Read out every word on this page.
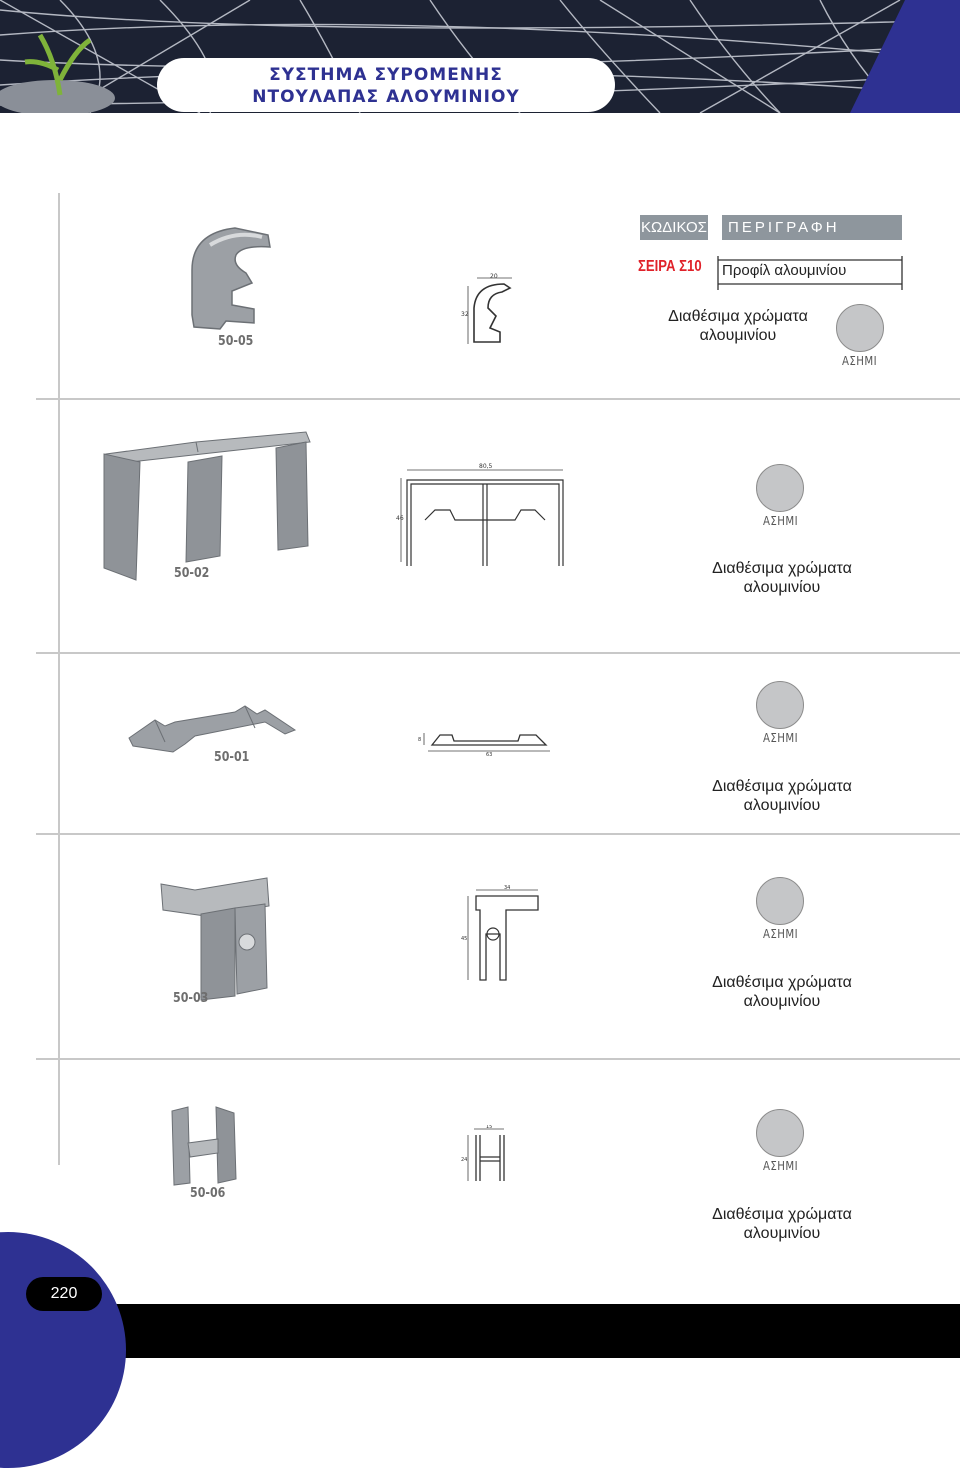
ΣΥΣΤΗΜΑ ΣΥΡΟΜΕΝΗΣ
ΝΤΟΥΛΑΠΑΣ ΑΛΟΥΜΙΝΙΟΥ
ΚΩΔΙΚΟΣ	ΠΕΡΙΓΡΑΦΗ
ΣΕΙΡΑ Σ10 Προφίλ αλουμινίου
50-05
20
32	Διαθέσιμα χρώματα
αλουμινίου
ΑΣΗΜΙ
50-02
80,5
46	ΑΣΗΜΙ
Διαθέσιμα χρώματα
αλουμινίου
50-01	63
8	ΑΣΗΜΙ
Διαθέσιμα χρώματα
αλουμινίου
50-03
34
45	ΑΣΗΜΙ
Διαθέσιμα χρώματα
αλουμινίου
50-06
15
24	ΑΣΗΜΙ
Διαθέσιμα χρώματα
αλουμινίου
220
